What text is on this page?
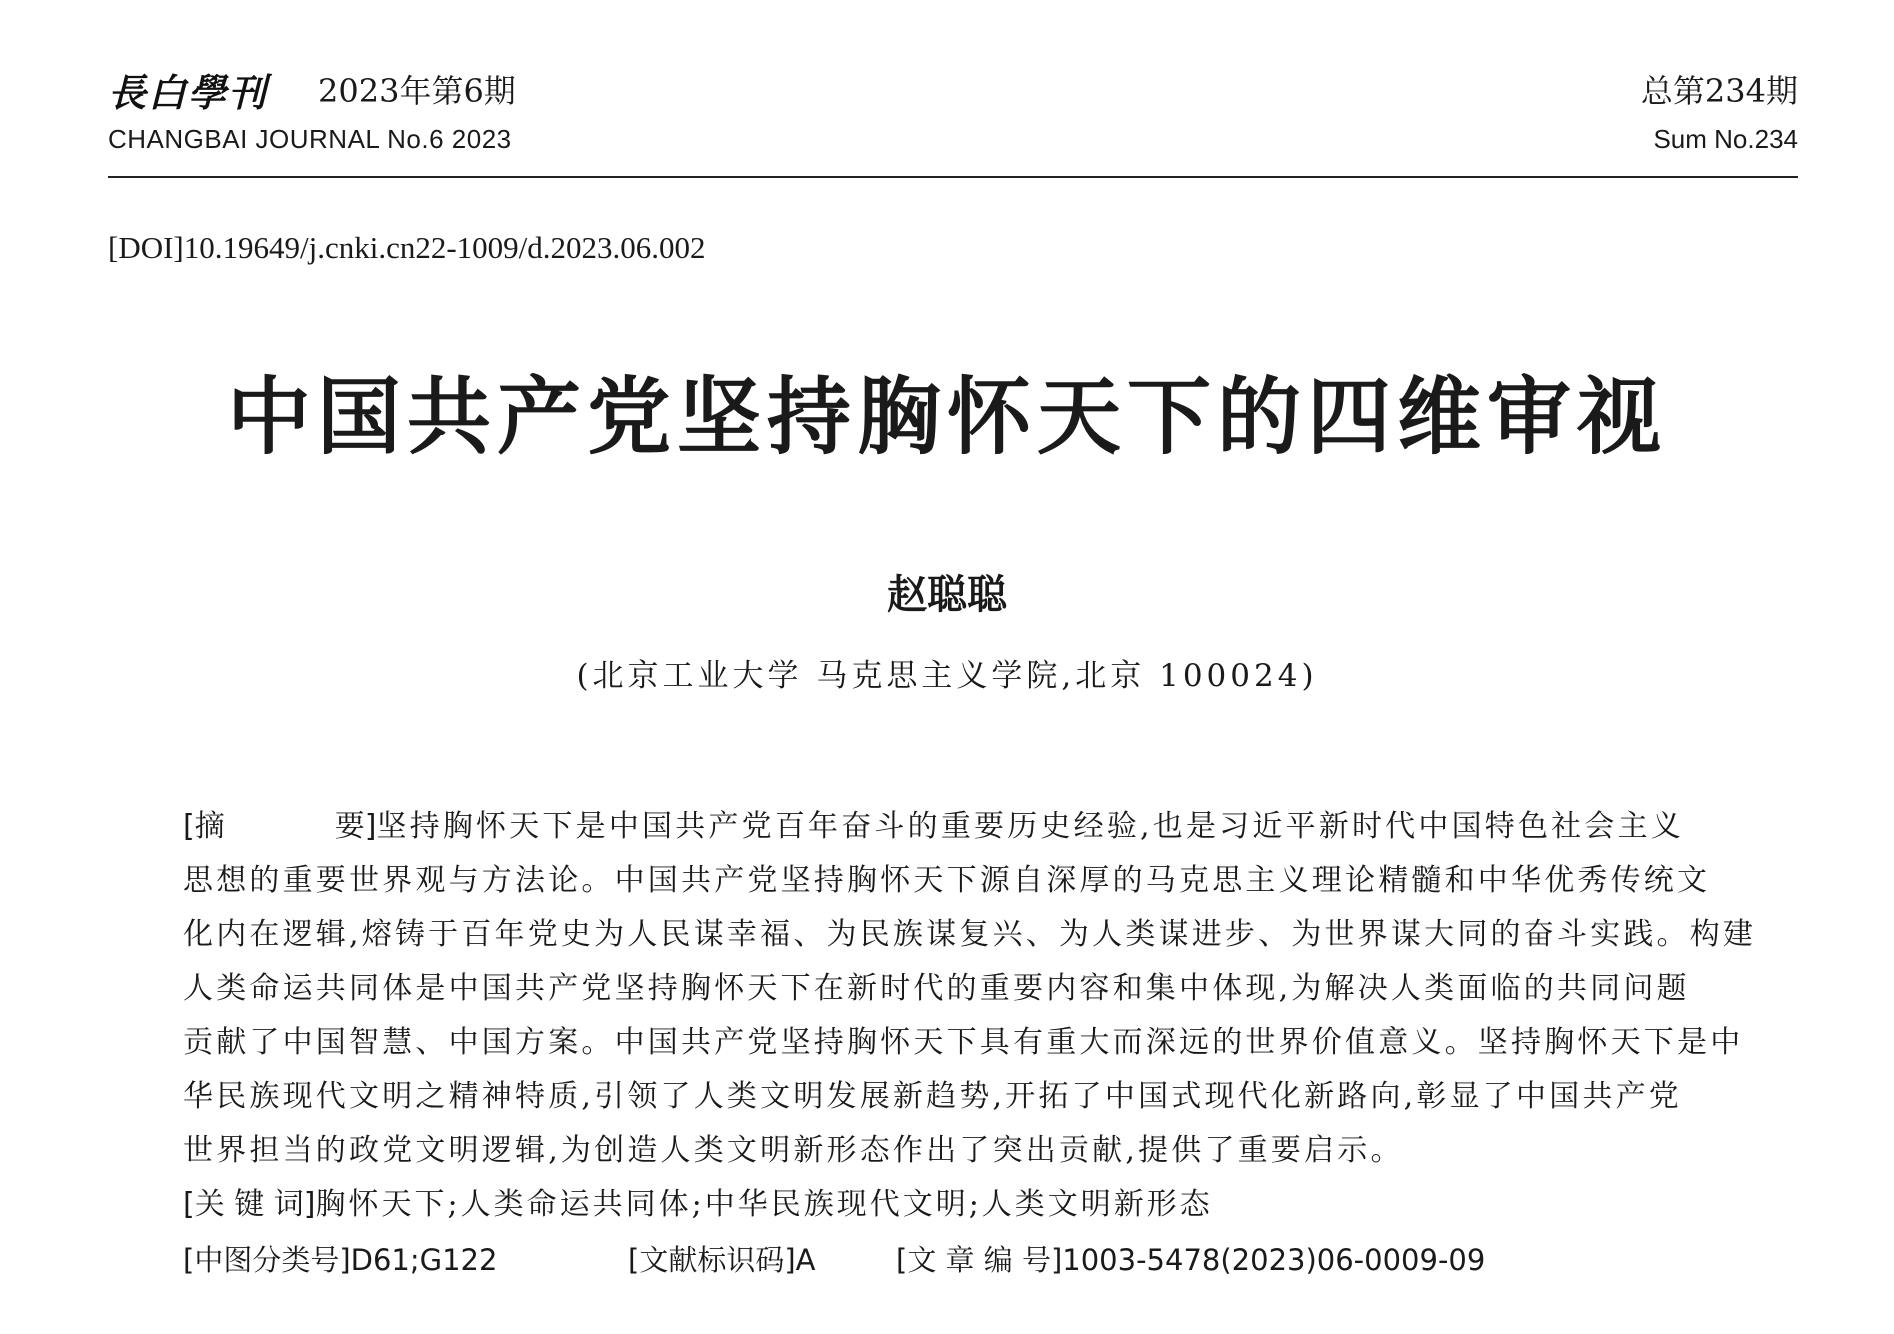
長白學刊 2023年第6期
CHANGBAI JOURNAL No.6 2023
总第234期
Sum No.234
[DOI]10.19649/j.cnki.cn22-1009/d.2023.06.002
中国共产党坚持胸怀天下的四维审视
赵聪聪
(北京工业大学 马克思主义学院,北京 100024)
[摘	要]坚持胸怀天下是中国共产党百年奋斗的重要历史经验,也是习近平新时代中国特色社会主义
思想的重要世界观与方法论。中国共产党坚持胸怀天下源自深厚的马克思主义理论精髓和中华优秀传统文
化内在逻辑,熔铸于百年党史为人民谋幸福、为民族谋复兴、为人类谋进步、为世界谋大同的奋斗实践。构建
人类命运共同体是中国共产党坚持胸怀天下在新时代的重要内容和集中体现,为解决人类面临的共同问题
贡献了中国智慧、中国方案。中国共产党坚持胸怀天下具有重大而深远的世界价值意义。坚持胸怀天下是中
华民族现代文明之精神特质,引领了人类文明发展新趋势,开拓了中国式现代化新路向,彰显了中国共产党
世界担当的政党文明逻辑,为创造人类文明新形态作出了突出贡献,提供了重要启示。
[关 键 词]胸怀天下;人类命运共同体;中华民族现代文明;人类文明新形态
[中图分类号]D61;G122	[文献标识码]A	[文 章 编 号]1003-5478(2023)06-0009-09
